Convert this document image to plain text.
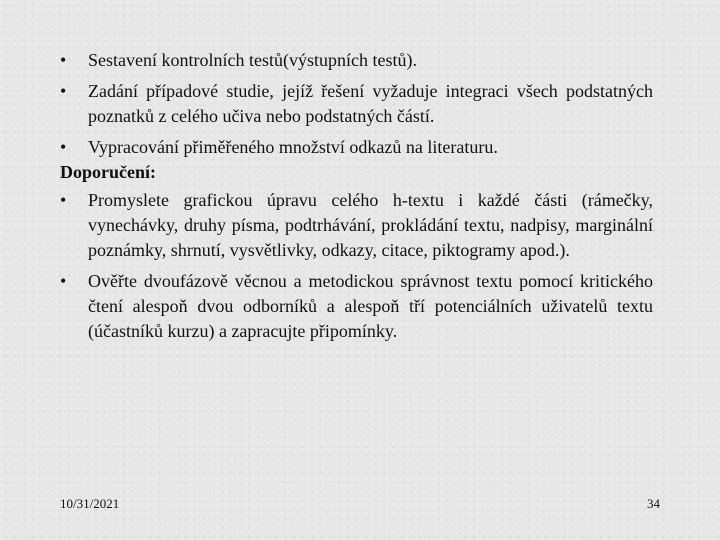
•	Sestavení kontrolních testů(výstupních testů).
•	Zadání případové studie, jejíž řešení vyžaduje integraci všech podstatných poznatků z celého učiva nebo podstatných částí.
•	Vypracování přiměřeného množství odkazů na literaturu.
Doporučení:
•	Promyslete grafickou úpravu celého h-textu i každé části (rámečky, vynechávky, druhy písma, podtrhávání, prokládání textu, nadpisy, marginální poznámky, shrnutí, vysvětlivky, odkazy, citace, piktogramy apod.).
•	Ověřte dvoufázově věcnou a metodickou správnost textu pomocí kritického čtení alespoň dvou odborníků a alespoň tří potenciálních uživatelů textu (účastníků kurzu) a zapracujte připomínky.
10/31/2021	34
